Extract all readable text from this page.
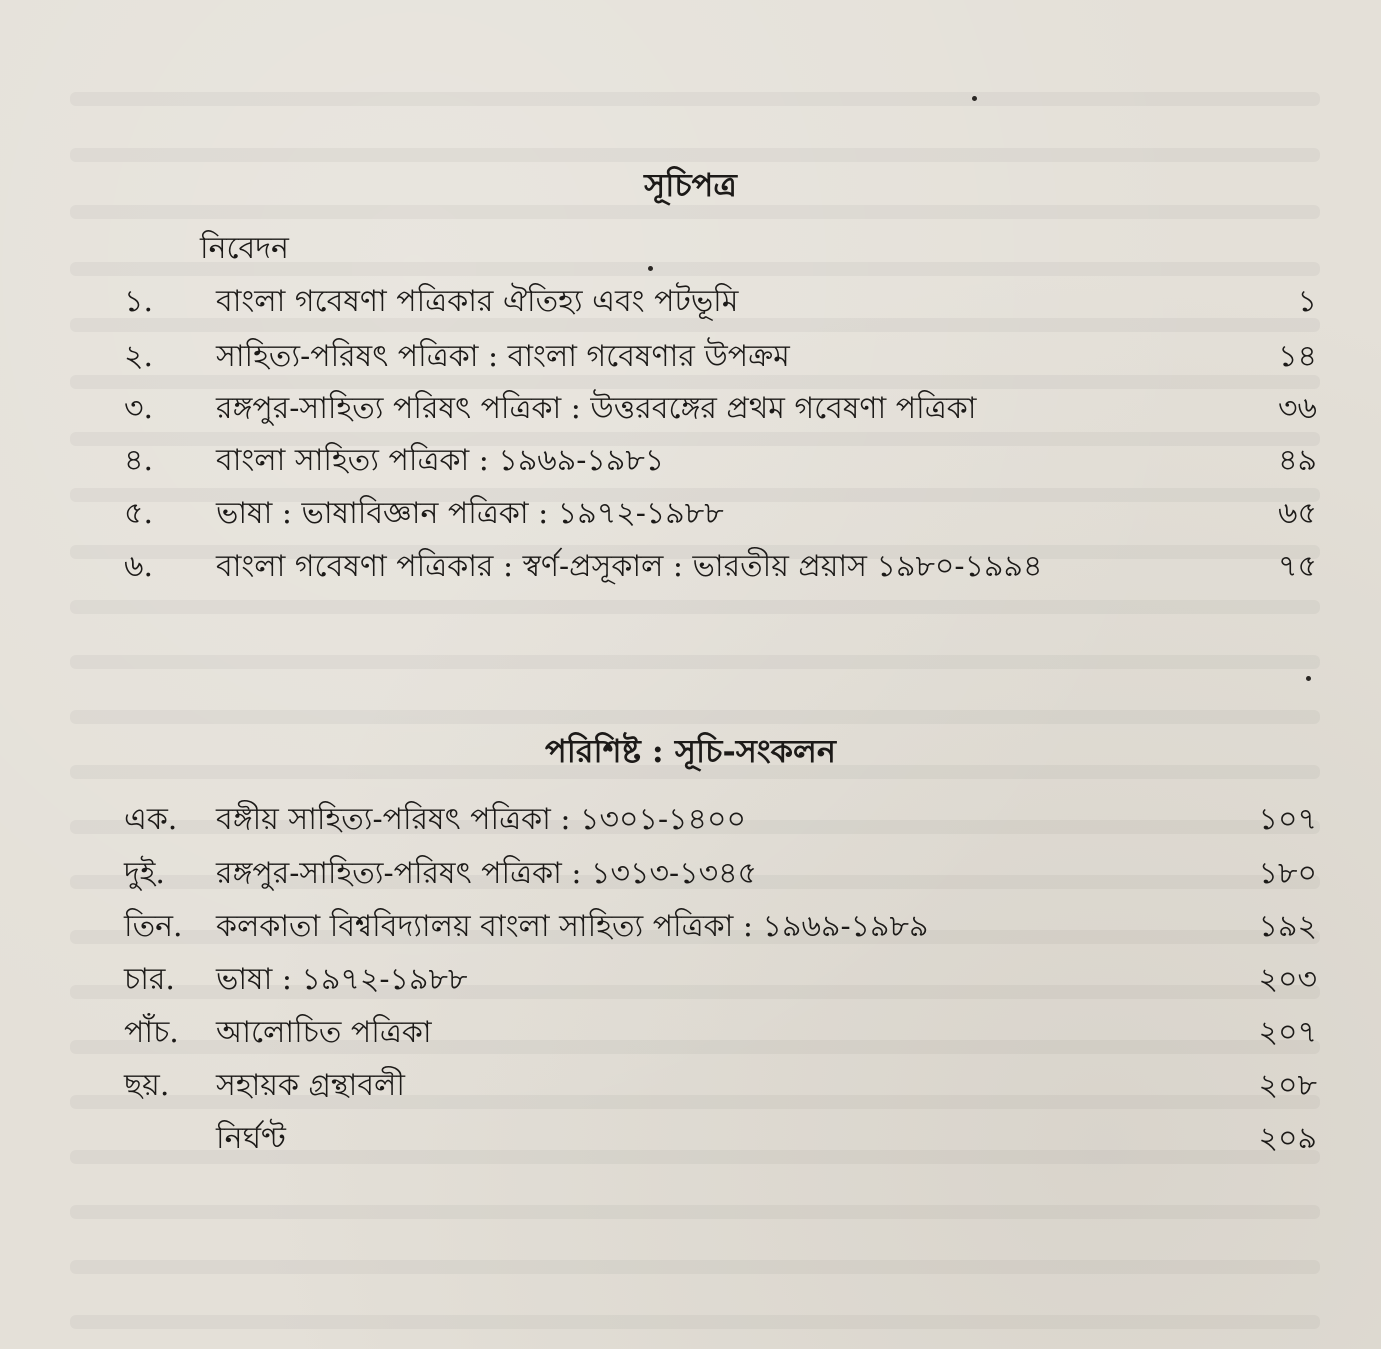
সূচিপত্র
নিবেদন
১. বাংলা গবেষণা পত্রিকার ঐতিহ্য এবং পটভূমি	১
২. সাহিত্য-পরিষৎ পত্রিকা : বাংলা গবেষণার উপক্রম	১৪
৩. রঙ্গপুর-সাহিত্য পরিষৎ পত্রিকা : উত্তরবঙ্গের প্রথম গবেষণা পত্রিকা	৩৬
৪. বাংলা সাহিত্য পত্রিকা : ১৯৬৯-১৯৮১	৪৯
৫. ভাষা : ভাষাবিজ্ঞান পত্রিকা : ১৯৭২-১৯৮৮	৬৫
৬. বাংলা গবেষণা পত্রিকার : স্বর্ণ-প্রসূকাল : ভারতীয় প্রয়াস ১৯৮০-১৯৯৪	৭৫
পরিশিষ্ট : সূচি-সংকলন
এক. বঙ্গীয় সাহিত্য-পরিষৎ পত্রিকা : ১৩০১-১৪০০	১০৭
দুই. রঙ্গপুর-সাহিত্য-পরিষৎ পত্রিকা : ১৩১৩-১৩৪৫	১৮০
তিন. কলকাতা বিশ্ববিদ্যালয় বাংলা সাহিত্য পত্রিকা : ১৯৬৯-১৯৮৯	১৯২
চার. ভাষা : ১৯৭২-১৯৮৮	২০৩
পাঁচ. আলোচিত পত্রিকা	২০৭
ছয়. সহায়ক গ্রন্থাবলী	২০৮
নির্ঘণ্ট	২০৯
